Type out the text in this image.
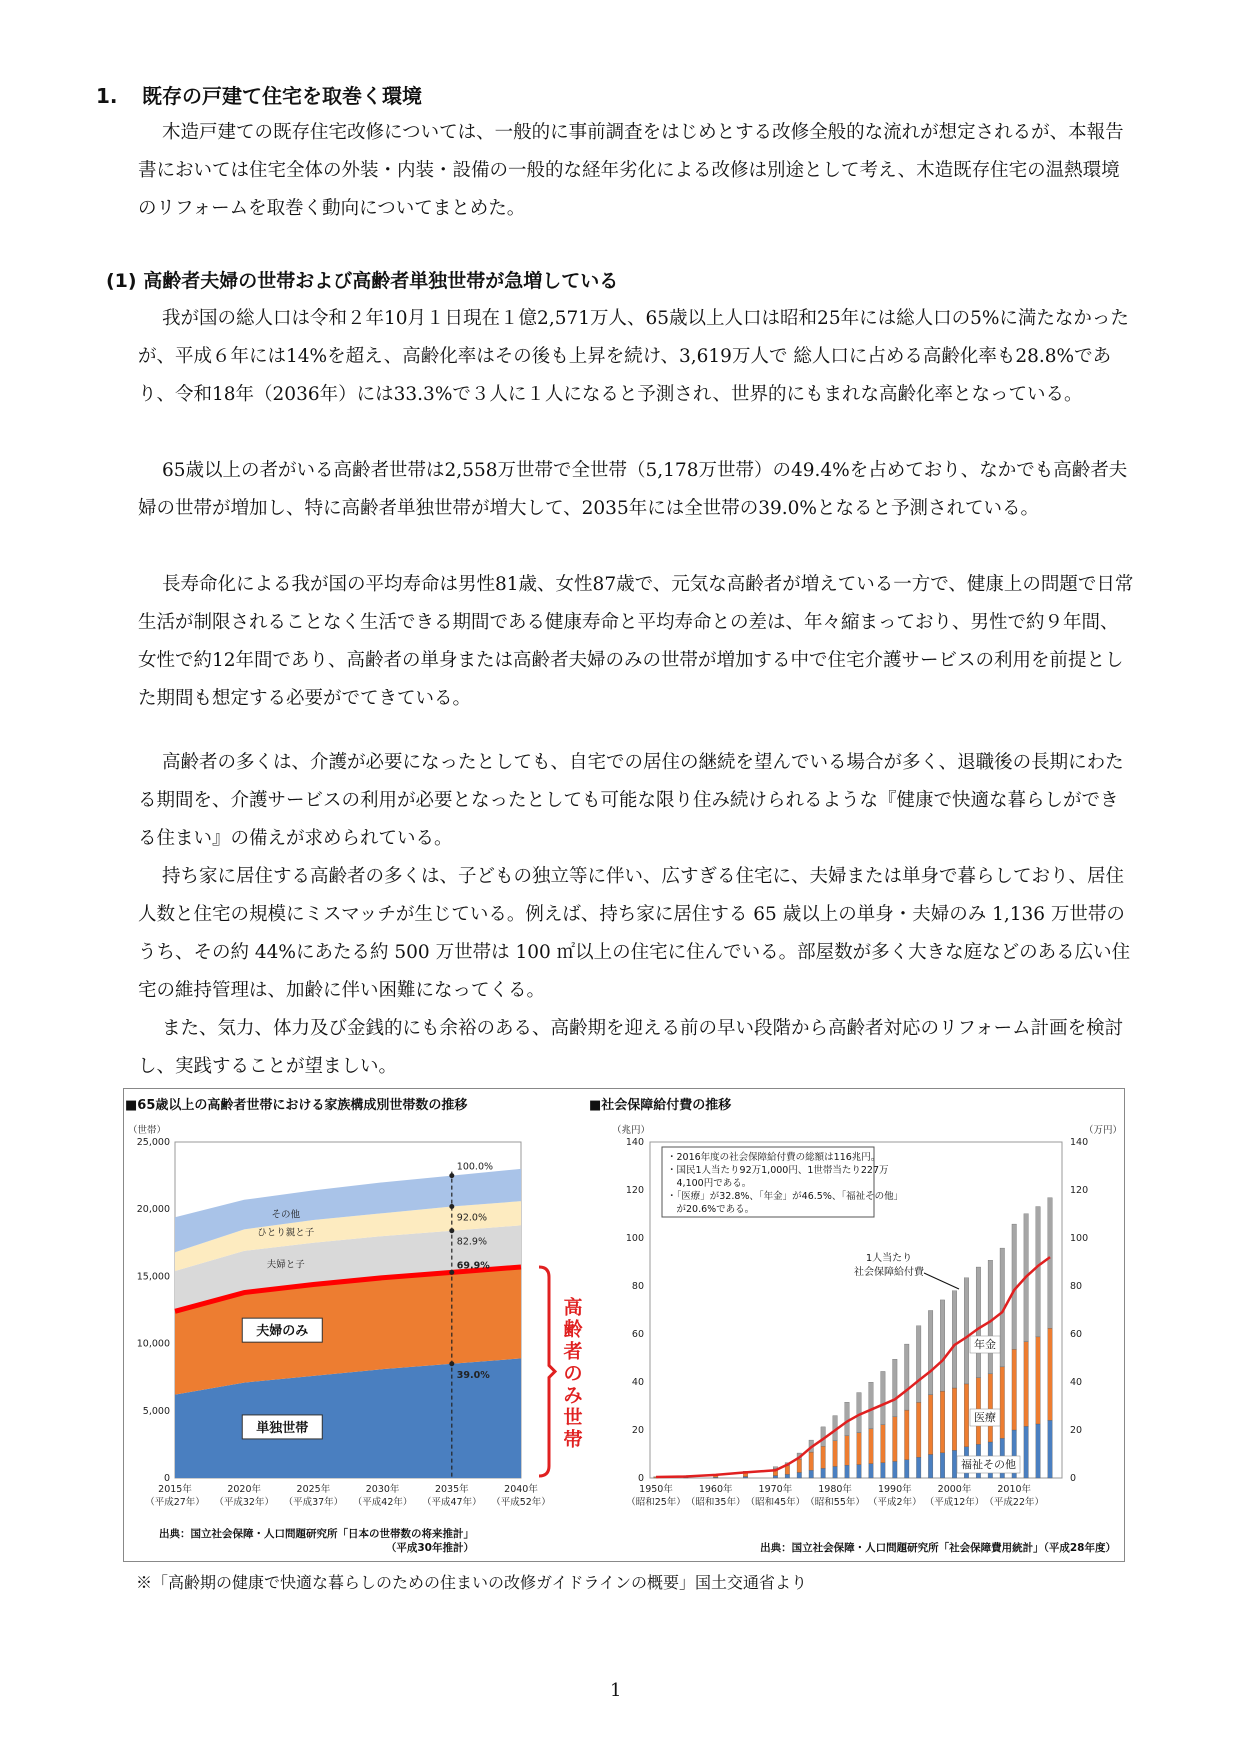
1. 既存の戸建て住宅を取巻く環境

木造戸建ての既存住宅改修については、一般的に事前調査をはじめとする改修全般的な流れが想定されるが、本報告書においては住宅全体の外装・内装・設備の一般的な経年劣化による改修は別途として考え、木造既存住宅の温熱環境のリフォームを取巻く動向についてまとめた。

(1) 高齢者夫婦の世帯および高齢者単独世帯が急増している

我が国の総人口は令和２年10月１日現在１億2,571万人、65歳以上人口は昭和25年には総人口の5%に満たなかったが、平成６年には14%を超え、高齢化率はその後も上昇を続け、3,619万人で 総人口に占める高齢化率も28.8%であり、令和18年（2036年）には33.3%で３人に１人になると予測され、世界的にもまれな高齢化率となっている。

65歳以上の者がいる高齢者世帯は2,558万世帯で全世帯（5,178万世帯）の49.4%を占めており、なかでも高齢者夫婦の世帯が増加し、特に高齢者単独世帯が増大して、2035年には全世帯の39.0%となると予測されている。

長寿命化による我が国の平均寿命は男性81歳、女性87歳で、元気な高齢者が増えている一方で、健康上の問題で日常生活が制限されることなく生活できる期間である健康寿命と平均寿命との差は、年々縮まっており、男性で約９年間、女性で約12年間であり、高齢者の単身または高齢者夫婦のみの世帯が増加する中で住宅介護サービスの利用を前提とした期間も想定する必要がでてきている。

高齢者の多くは、介護が必要になったとしても、自宅での居住の継続を望んでいる場合が多く、退職後の長期にわたる期間を、介護サービスの利用が必要となったとしても可能な限り住み続けられるような『健康で快適な暮らしができる住まい』の備えが求められている。

持ち家に居住する高齢者の多くは、子どもの独立等に伴い、広すぎる住宅に、夫婦または単身で暮らしており、居住人数と住宅の規模にミスマッチが生じている。例えば、持ち家に居住する 65 歳以上の単身・夫婦のみ 1,136 万世帯のうち、その約 44%にあたる約 500 万世帯は 100 ㎡以上の住宅に住んでいる。部屋数が多く大きな庭などのある広い住宅の維持管理は、加齢に伴い困難になってくる。

また、気力、体力及び金銭的にも余裕のある、高齢期を迎える前の早い段階から高齢者対応のリフォーム計画を検討し、実践することが望ましい。

■65歳以上の高齢者世帯における家族構成別世帯数の推移
（世帯）
0
5,000
10,000
15,000
20,000
25,000
2015年
（平成27年）
2020年
（平成32年）
2025年
（平成37年）
2030年
（平成42年）
2035年
（平成47年）
2040年
（平成52年）
100.0%
92.0%
82.9%
69.9%
39.0%
その他
ひとり親と子
夫婦と子
夫婦のみ
単独世帯
高
齢
者
の
み
世
帯
出典：国立社会保障・人口問題研究所「日本の世帯数の将来推計」
（平成30年推計）
■社会保障給付費の推移
（兆円）	（万円）
0	0
20	20
40	40
60	60
80	80
100	100
120	120
140	140
1950年
（昭和25年）
1960年
（昭和35年）
1970年
（昭和45年）
1980年
（昭和55年）
1990年
（平成2年）
2000年
（平成12年）
2010年
（平成22年）
・2016年度の社会保障給付費の総額は116兆円。
・国民1人当たり92万1,000円、1世帯当たり227万
　4,100円である。
・「医療」が32.8%、「年金」が46.5%、「福祉その他」
　が20.6%である。
1人当たり
社会保障給付費
年金
医療
福祉その他
出典：国立社会保障・人口問題研究所「社会保障費用統計」（平成28年度）
※「高齢期の健康で快適な暮らしのための住まいの改修ガイドラインの概要」国土交通省より
1
